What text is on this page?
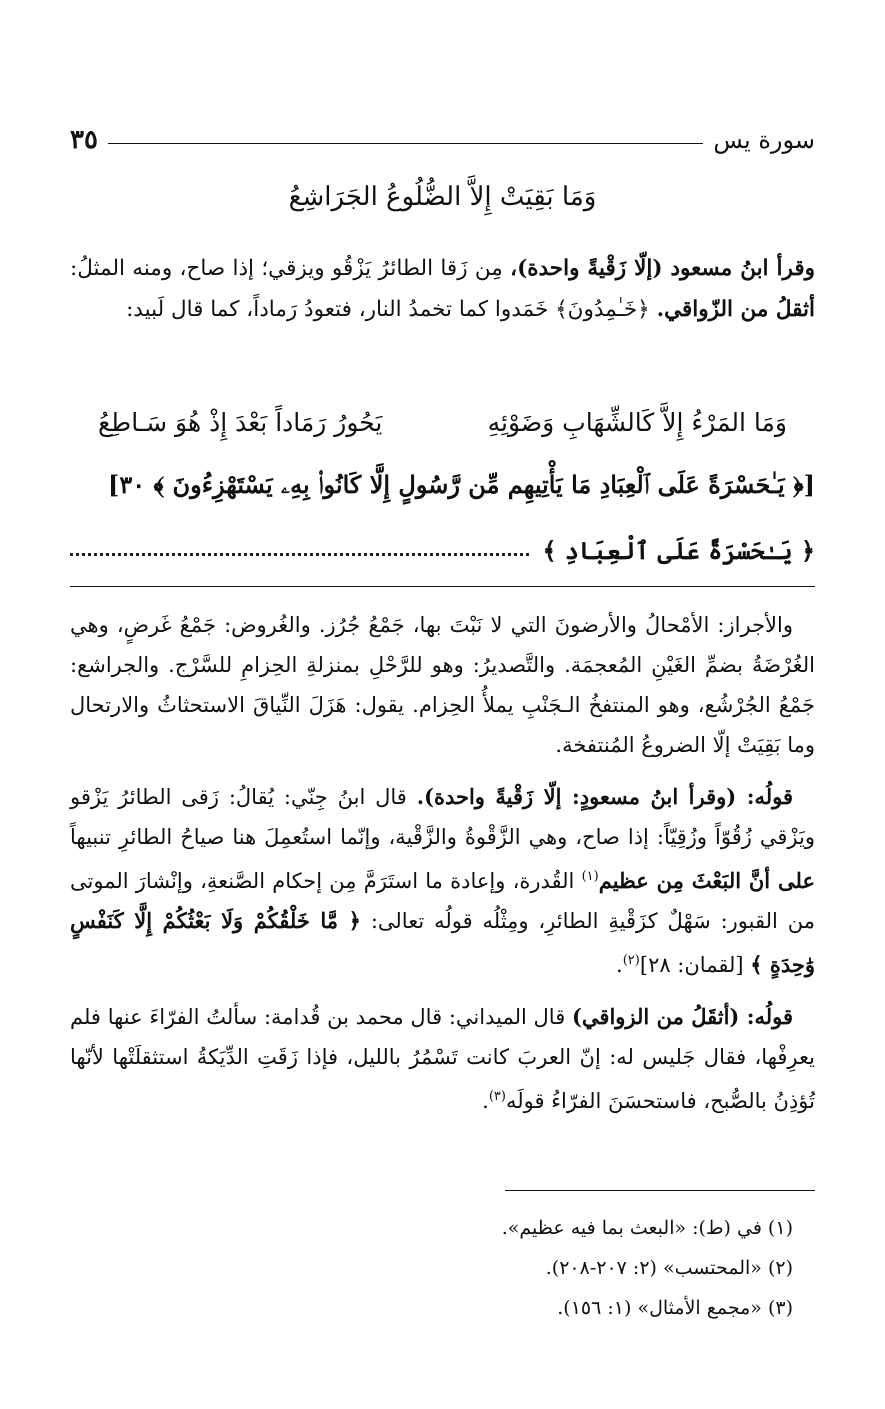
سورة يس
٣٥
وَمَا بَقِيَتْ إِلاَّ الضُّلُوعُ الجَرَاشِعُ

وقرأ ابنُ مسعود (إلّا زَقْيةً واحدة)، مِن زَقا الطائرُ يَزْقُو ويزقي؛ إذا صاح، ومنه المثلُ: أثقلُ من الزّواقي. ﴿خَـٰمِدُونَ﴾ خَمَدوا كما تخمدُ النار، فتعودُ رَماداً، كما قال لَبيد:

وَمَا المَرْءُ إِلاَّ كَالشِّهَابِ وَضَوْئِهِ
يَحُورُ رَمَاداً بَعْدَ إِذْ هُوَ سَـاطِعُ
[﴿ يَـٰحَسْرَةً عَلَى ٱلْعِبَادِ مَا يَأْتِيهِم مِّن رَّسُولٍ إِلَّا كَانُوا۟ بِهِۦ يَسْتَهْزِءُونَ ﴾ ٣٠]
﴿ يَـٰحَسْرَةً عَلَى ٱلْعِبَادِ ﴾

والأجراز: الأمْحالُ والأرضونَ التي لا نَبْتَ بها، جَمْعُ جُرُز. والغُروض: جَمْعُ غَرضٍ، وهي الغُرْضَةُ بضمِّ الغَيْنِ المُعجمَة. والتَّصديرُ: وهو للرَّحْلِ بمنزلةِ الحِزامِ للسَّرْج. والجراشع: جَمْعُ الجُرْشُع، وهو المنتفخُ الـجَنْبِ يملأُ الحِزام. يقول: هَزَلَ النِّياقَ الاستحثاثُ والارتحال وما بَقِيَتْ إلّا الضروعُ المُنتفخة.

قولُه: (وقرأ ابنُ مسعودٍ: إلّا زَقْيةً واحدة). قال ابنُ جِنّي: يُقالُ: زَقى الطائرُ يَزْقو ويَزْقي زُقُوّاً وزُقِيّاً: إذا صاح، وهي الزَّقْوةُ والزَّقْية، وإنّما استُعمِلَ هنا صياحُ الطائرِ تنبيهاً على أنَّ البَعْثَ مِن عظيم$^{(١)}$ القُدرة، وإعادة ما استَرَمَّ مِن إحكام الصَّنعةِ، وإنْشارَ الموتى من القبور: سَهْلٌ كزَقْيةِ الطائرِ، ومِثْلُه قولُه تعالى: ﴿ مَّا خَلْقُكُمْ وَلَا بَعْثُكُمْ إِلَّا كَنَفْسٍ وَٰحِدَةٍ ﴾ [لقمان: ٢٨]$^{(٢)}$.

قولُه: (أثقَلُ من الزواقي) قال الميداني: قال محمد بن قُدامة: سألتُ الفرّاءَ عنها فلم يعرِفْها، فقال جَليس له: إنّ العربَ كانت تَسْمُرُ بالليل، فإذا زَقَتِ الدِّيَكةُ استثقلَتْها لأنّها تُؤذِنُ بالصُّبح، فاستحسَنَ الفرّاءُ قولَه$^{(٣)}$.

(١) في (ط): «البعث بما فيه عظيم».
(٢) «المحتسب» (٢: ٢٠٧-٢٠٨).
(٣) «مجمع الأمثال» (١: ١٥٦).
